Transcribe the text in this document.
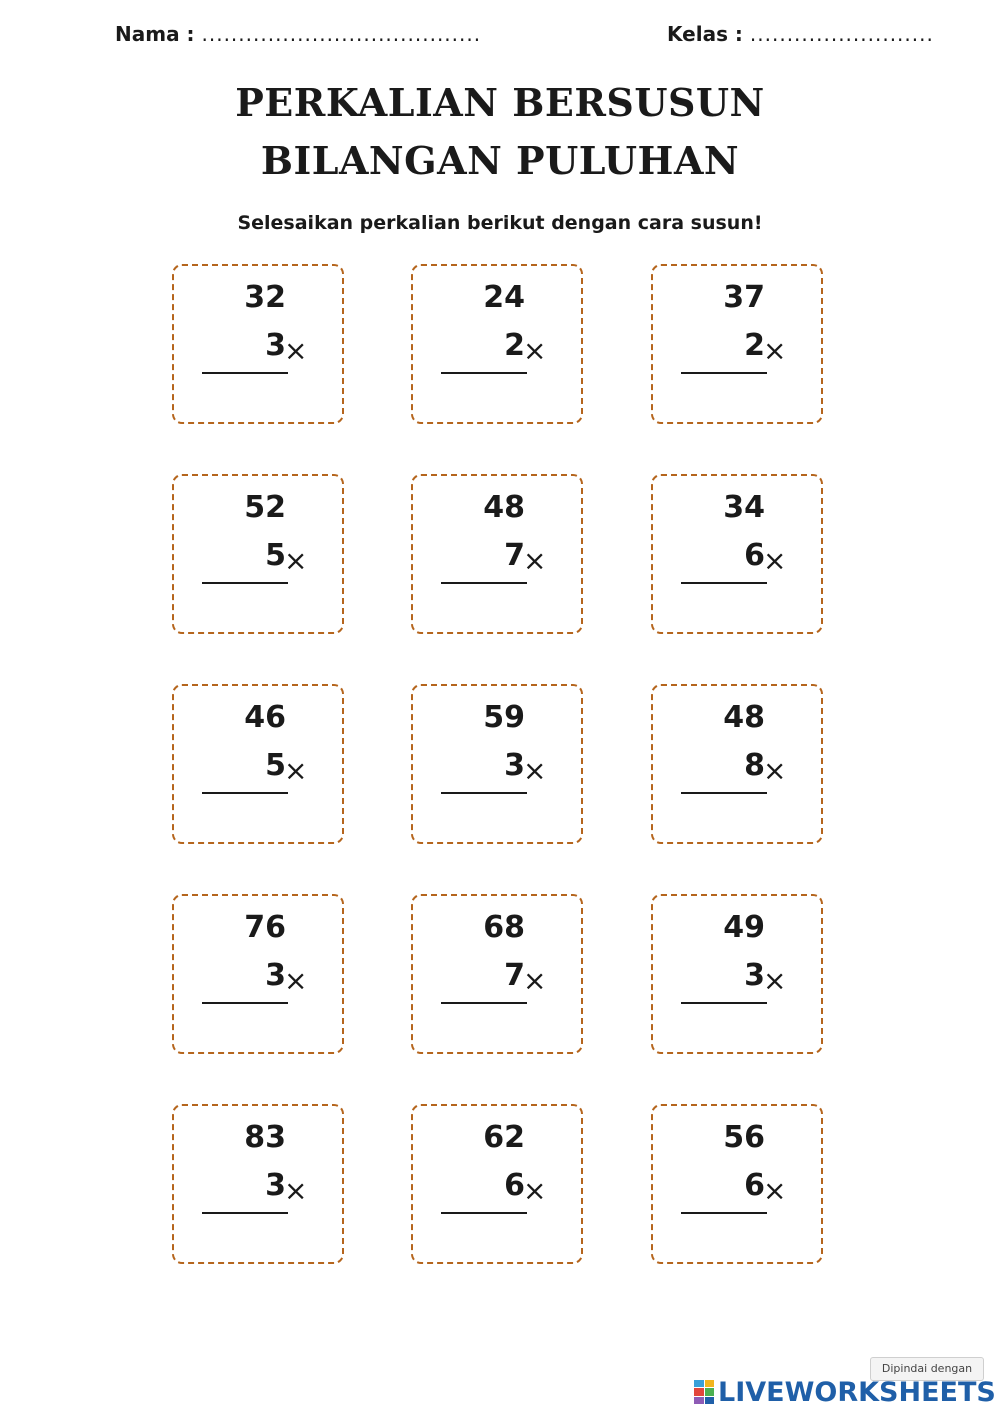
Nama : ......................................	Kelas : .........................
PERKALIAN BERSUSUN
BILANGAN PULUHAN
Selesaikan perkalian berikut dengan cara susun!
32
3
×
24
2
×
37
2
×
52
5
×
48
7
×
34
6
×
46
5
×
59
3
×
48
8
×
76
3
×
68
7
×
49
3
×
83
3
×
62
6
×
56
6
×
Dipindai dengan
LIVEWORKSHEETS
